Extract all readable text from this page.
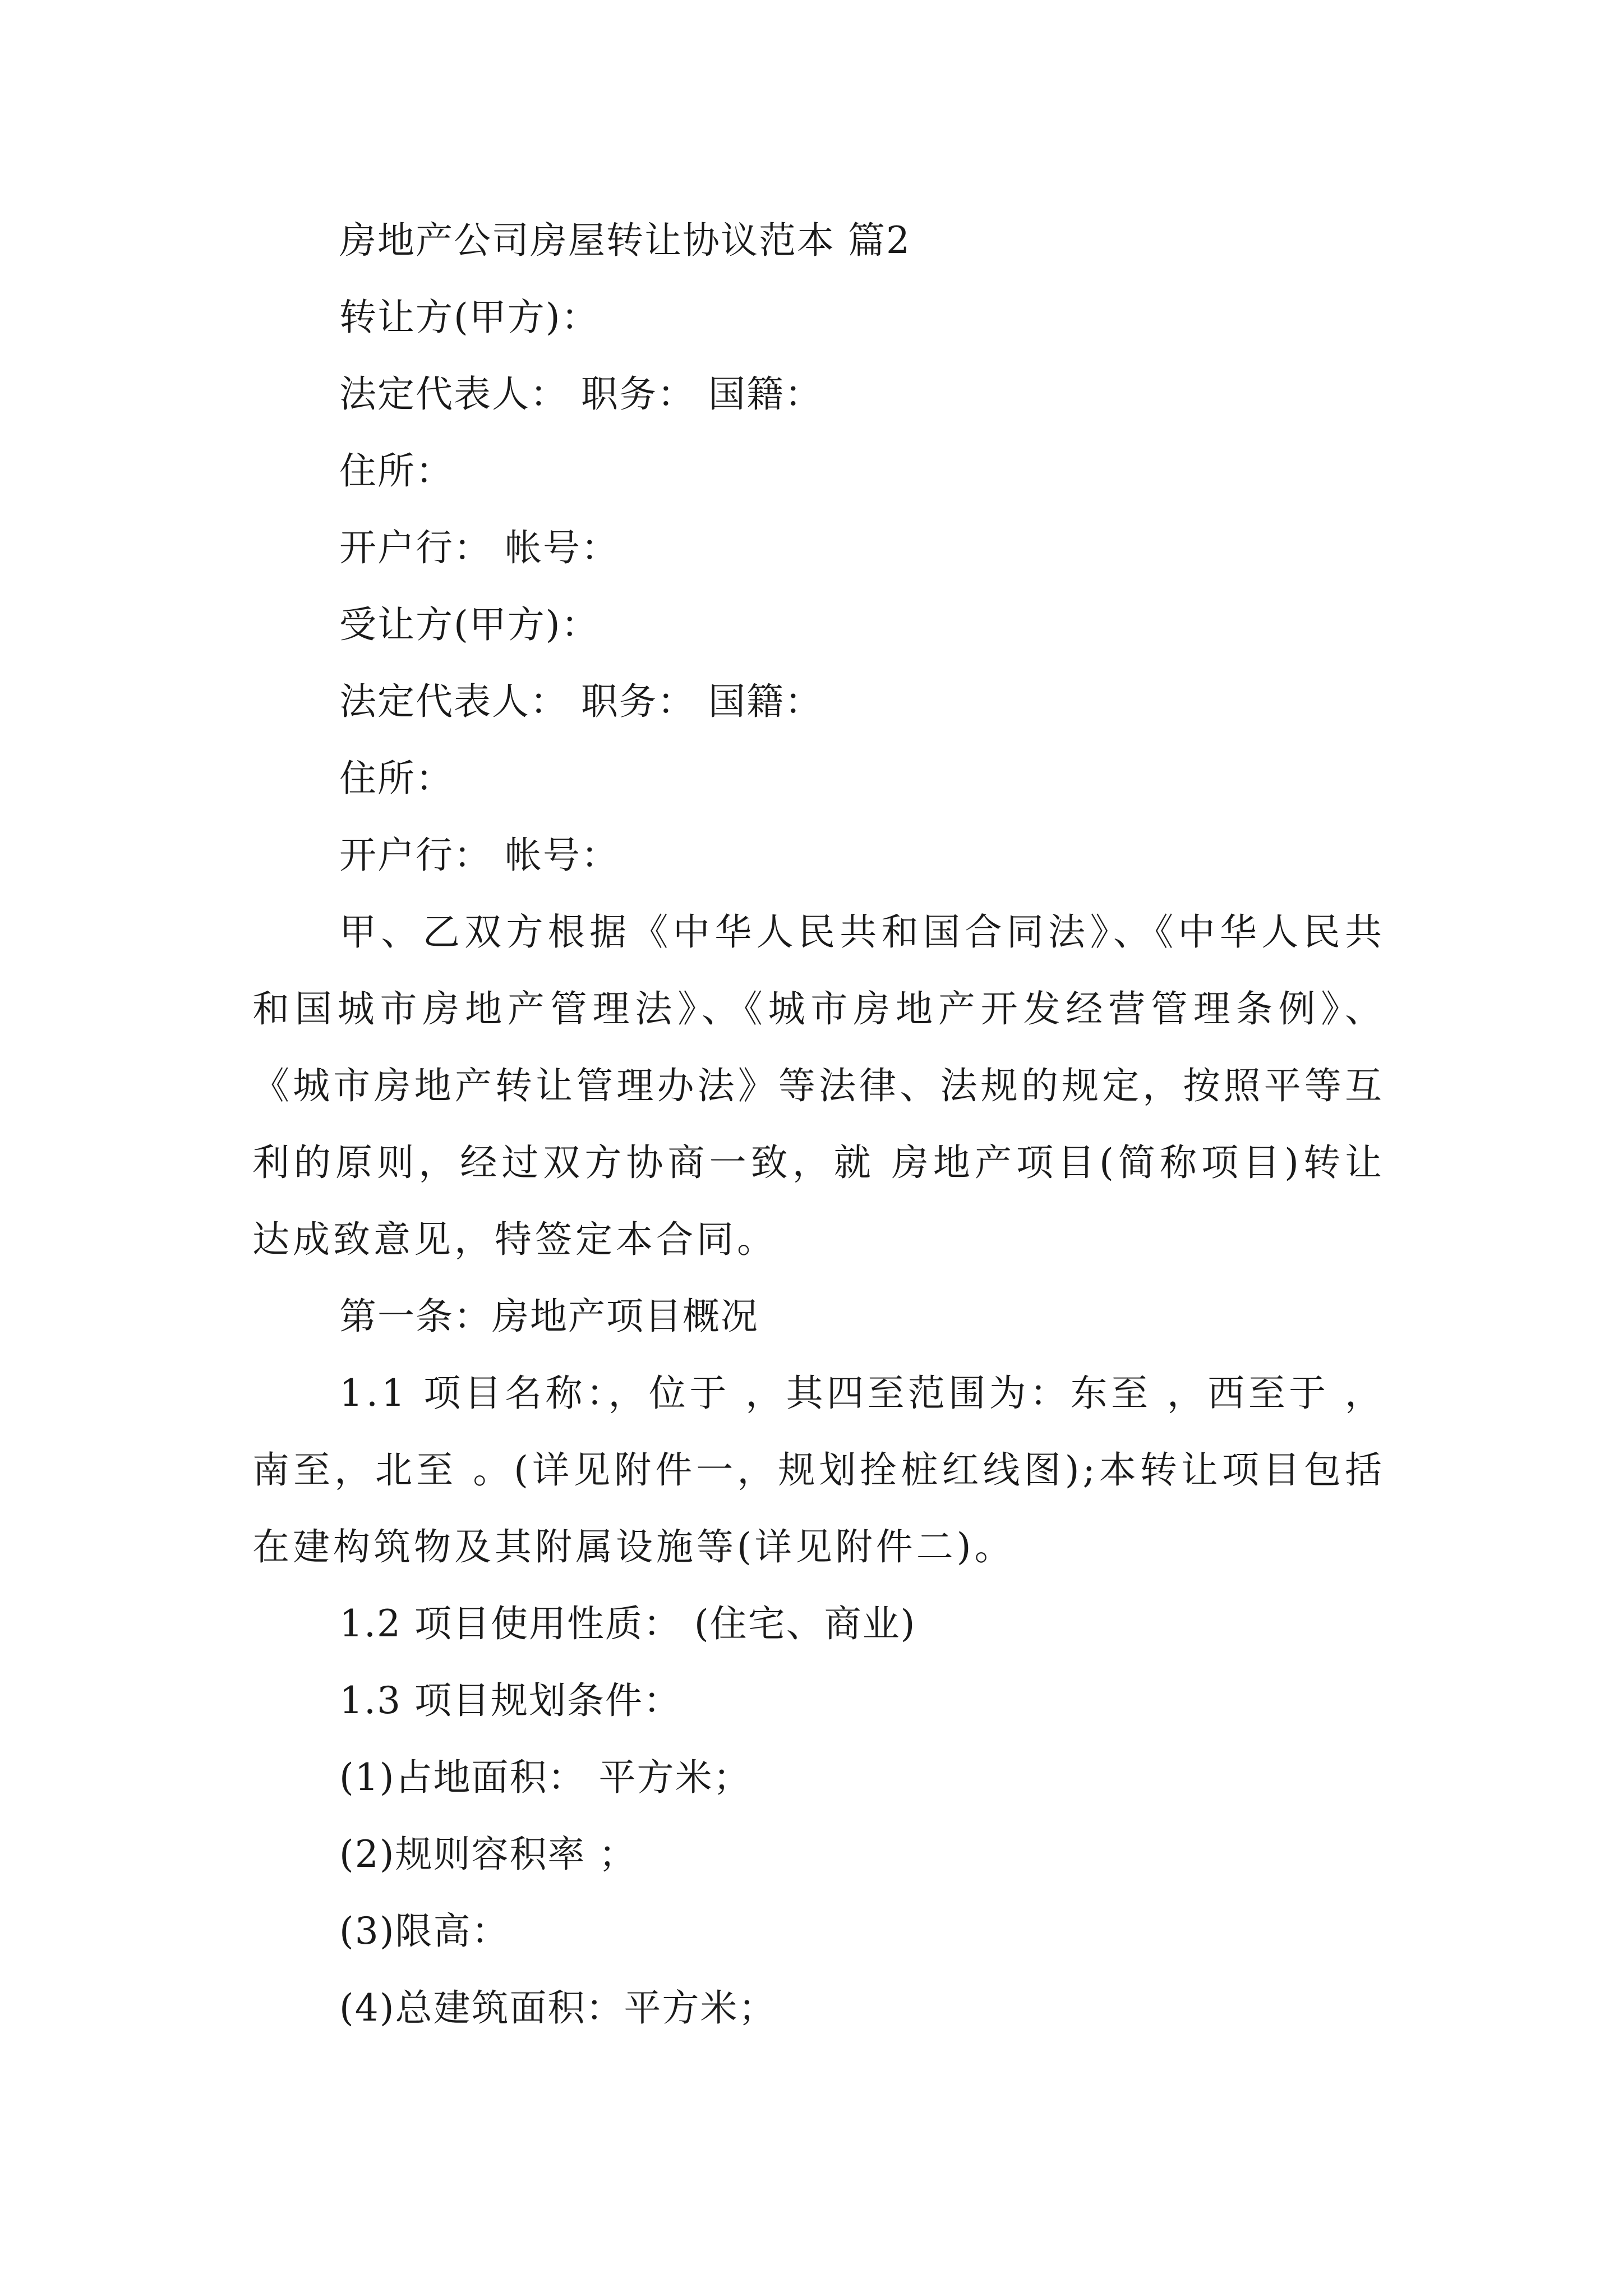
房地产公司房屋转让协议范本 篇2
转让方(甲方)：
法定代表人： 职务： 国籍：
住所：
开户行： 帐号：
受让方(甲方)：
法定代表人： 职务： 国籍：
住所：
开户行： 帐号：

甲、乙双方根据《中华人民共和国合同法》、《中华人民共和国城市房地产管理法》、《城市房地产开发经营管理条例》、《城市房地产转让管理办法》等法律、法规的规定，按照平等互利的原则，经过双方协商一致，就 房地产项目(简称项目)转让达成致意见，特签定本合同。

第一条：房地产项目概况

1.1 项目名称：，位于 ，其四至范围为：东至 ，西至于 ，南至，北至 。(详见附件一，规划拴桩红线图);本转让项目包括在建构筑物及其附属设施等(详见附件二)。

1.2 项目使用性质： (住宅、商业)
1.3 项目规划条件：
(1)占地面积： 平方米；
(2)规则容积率 ；
(3)限高：
(4)总建筑面积：平方米；
